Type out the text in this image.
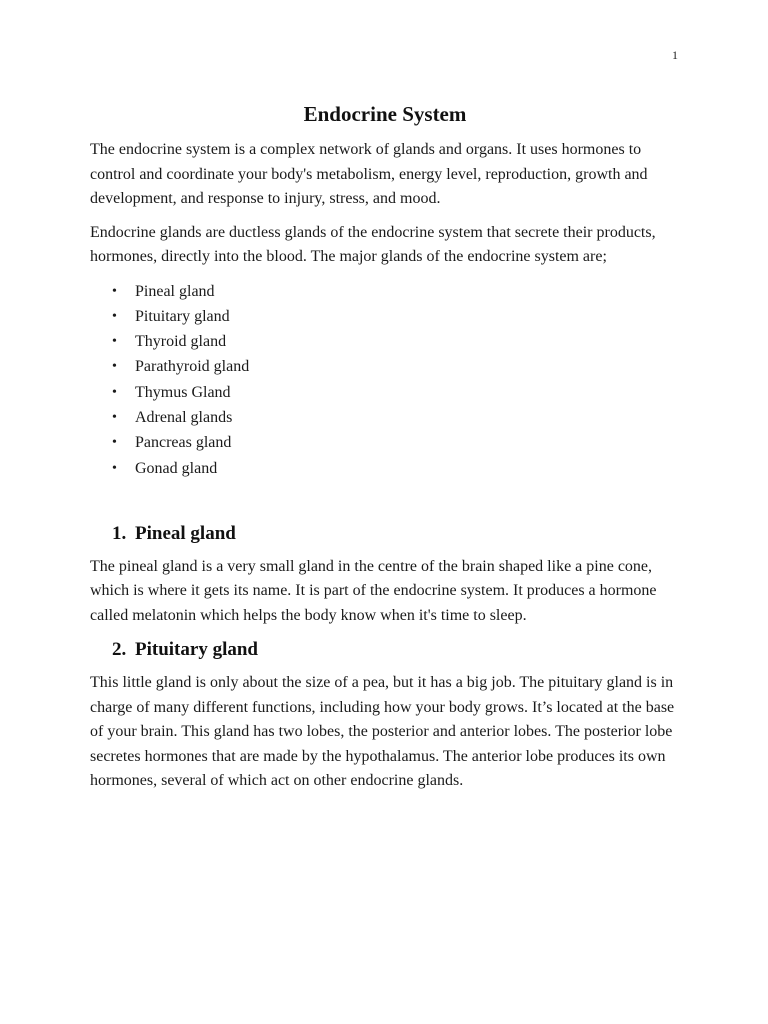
1
Endocrine System

The endocrine system is a complex network of glands and organs. It uses hormones to control and coordinate your body's metabolism, energy level, reproduction, growth and development, and response to injury, stress, and mood.

Endocrine glands are ductless glands of the endocrine system that secrete their products, hormones, directly into the blood. The major glands of the endocrine system are;

• Pineal gland
• Pituitary gland
• Thyroid gland
• Parathyroid gland
• Thymus Gland
• Adrenal glands
• Pancreas gland
• Gonad gland
1. Pineal gland

The pineal gland is a very small gland in the centre of the brain shaped like a pine cone, which is where it gets its name. It is part of the endocrine system. It produces a hormone called melatonin which helps the body know when it's time to sleep.

2. Pituitary gland

This little gland is only about the size of a pea, but it has a big job. The pituitary gland is in charge of many different functions, including how your body grows. It’s located at the base of your brain. This gland has two lobes, the posterior and anterior lobes. The posterior lobe secretes hormones that are made by the hypothalamus. The anterior lobe produces its own hormones, several of which act on other endocrine glands.
